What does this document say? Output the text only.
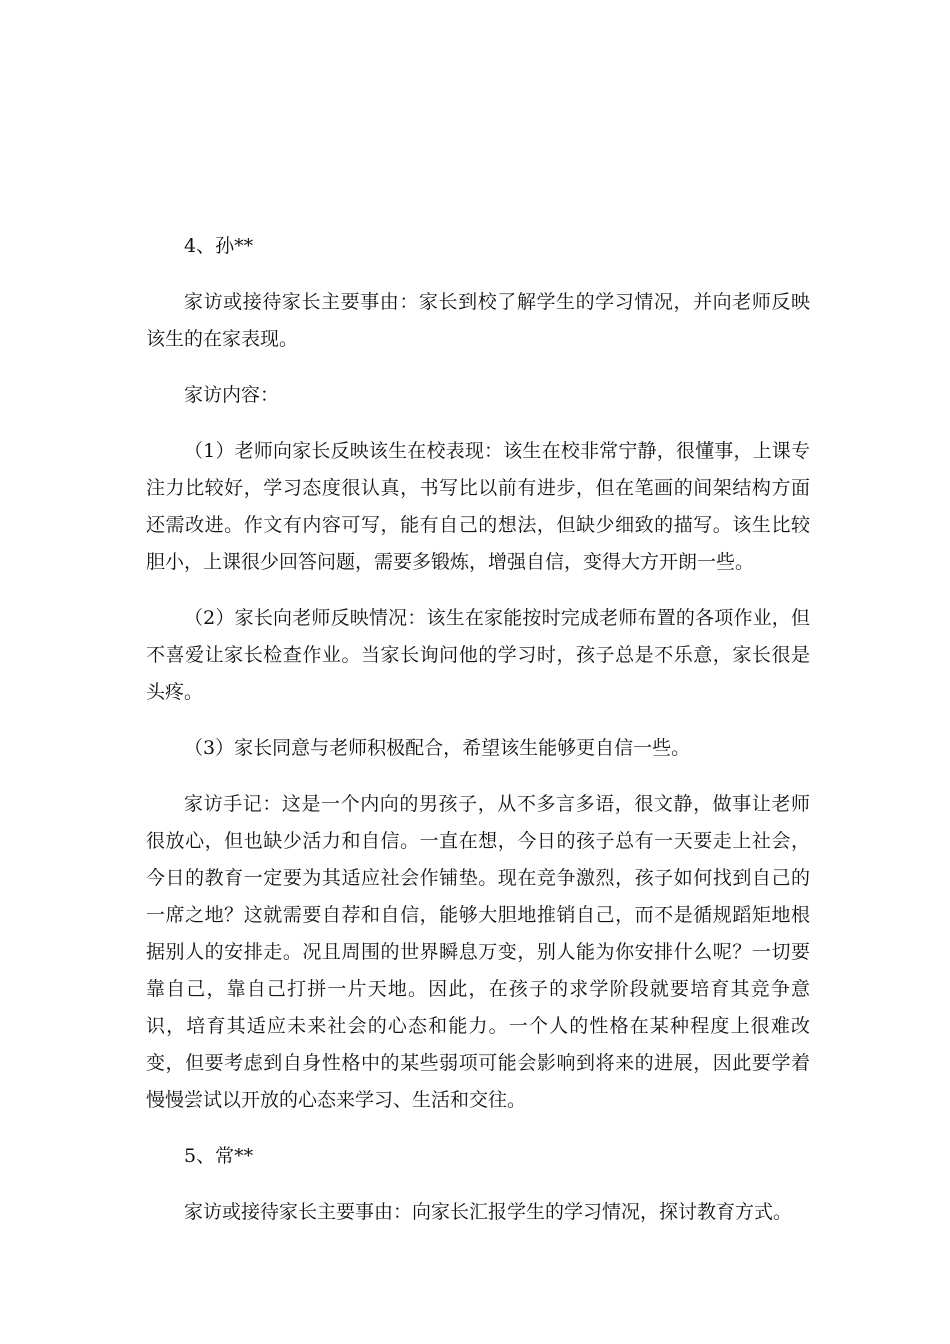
4、孙**

家访或接待家长主要事由：家长到校了解学生的学习情况，并向老师反映该生的在家表现。

家访内容：

（1）老师向家长反映该生在校表现：该生在校非常宁静，很懂事，上课专注力比较好，学习态度很认真，书写比以前有进步，但在笔画的间架结构方面还需改进。作文有内容可写，能有自己的想法，但缺少细致的描写。该生比较胆小，上课很少回答问题，需要多锻炼，增强自信，变得大方开朗一些。

（2）家长向老师反映情况：该生在家能按时完成老师布置的各项作业，但不喜爱让家长检查作业。当家长询问他的学习时，孩子总是不乐意，家长很是头疼。

（3）家长同意与老师积极配合，希望该生能够更自信一些。

家访手记：这是一个内向的男孩子，从不多言多语，很文静，做事让老师很放心，但也缺少活力和自信。一直在想，今日的孩子总有一天要走上社会，今日的教育一定要为其适应社会作铺垫。现在竞争激烈，孩子如何找到自己的一席之地？这就需要自荐和自信，能够大胆地推销自己，而不是循规蹈矩地根据别人的安排走。况且周围的世界瞬息万变，别人能为你安排什么呢？一切要靠自己，靠自己打拼一片天地。因此，在孩子的求学阶段就要培育其竞争意识，培育其适应未来社会的心态和能力。一个人的性格在某种程度上很难改变，但要考虑到自身性格中的某些弱项可能会影响到将来的进展，因此要学着慢慢尝试以开放的心态来学习、生活和交往。

5、常**

家访或接待家长主要事由：向家长汇报学生的学习情况，探讨教育方式。
